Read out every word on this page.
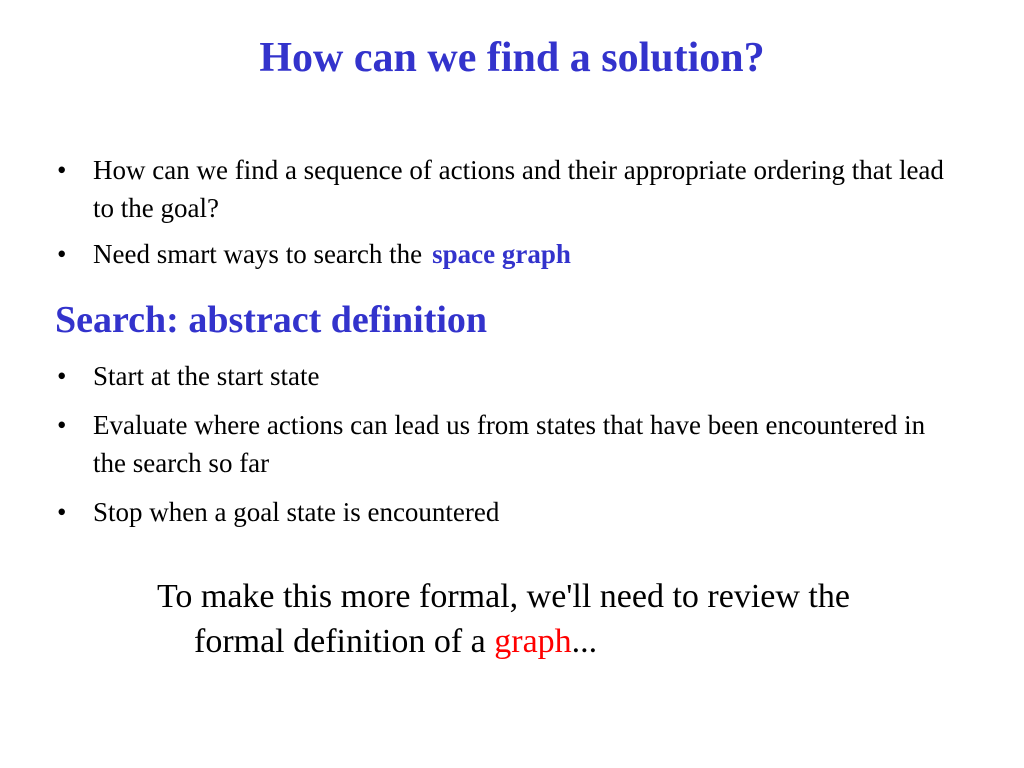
How can we find a solution?
• How can we find a sequence of actions and their appropriate ordering that lead to the goal?
• Need smart ways to search the space graph
Search: abstract definition
• Start at the start state
• Evaluate where actions can lead us from states that have been encountered in the search so far
• Stop when a goal state is encountered
To make this more formal, we'll need to review the formal definition of a graph...
